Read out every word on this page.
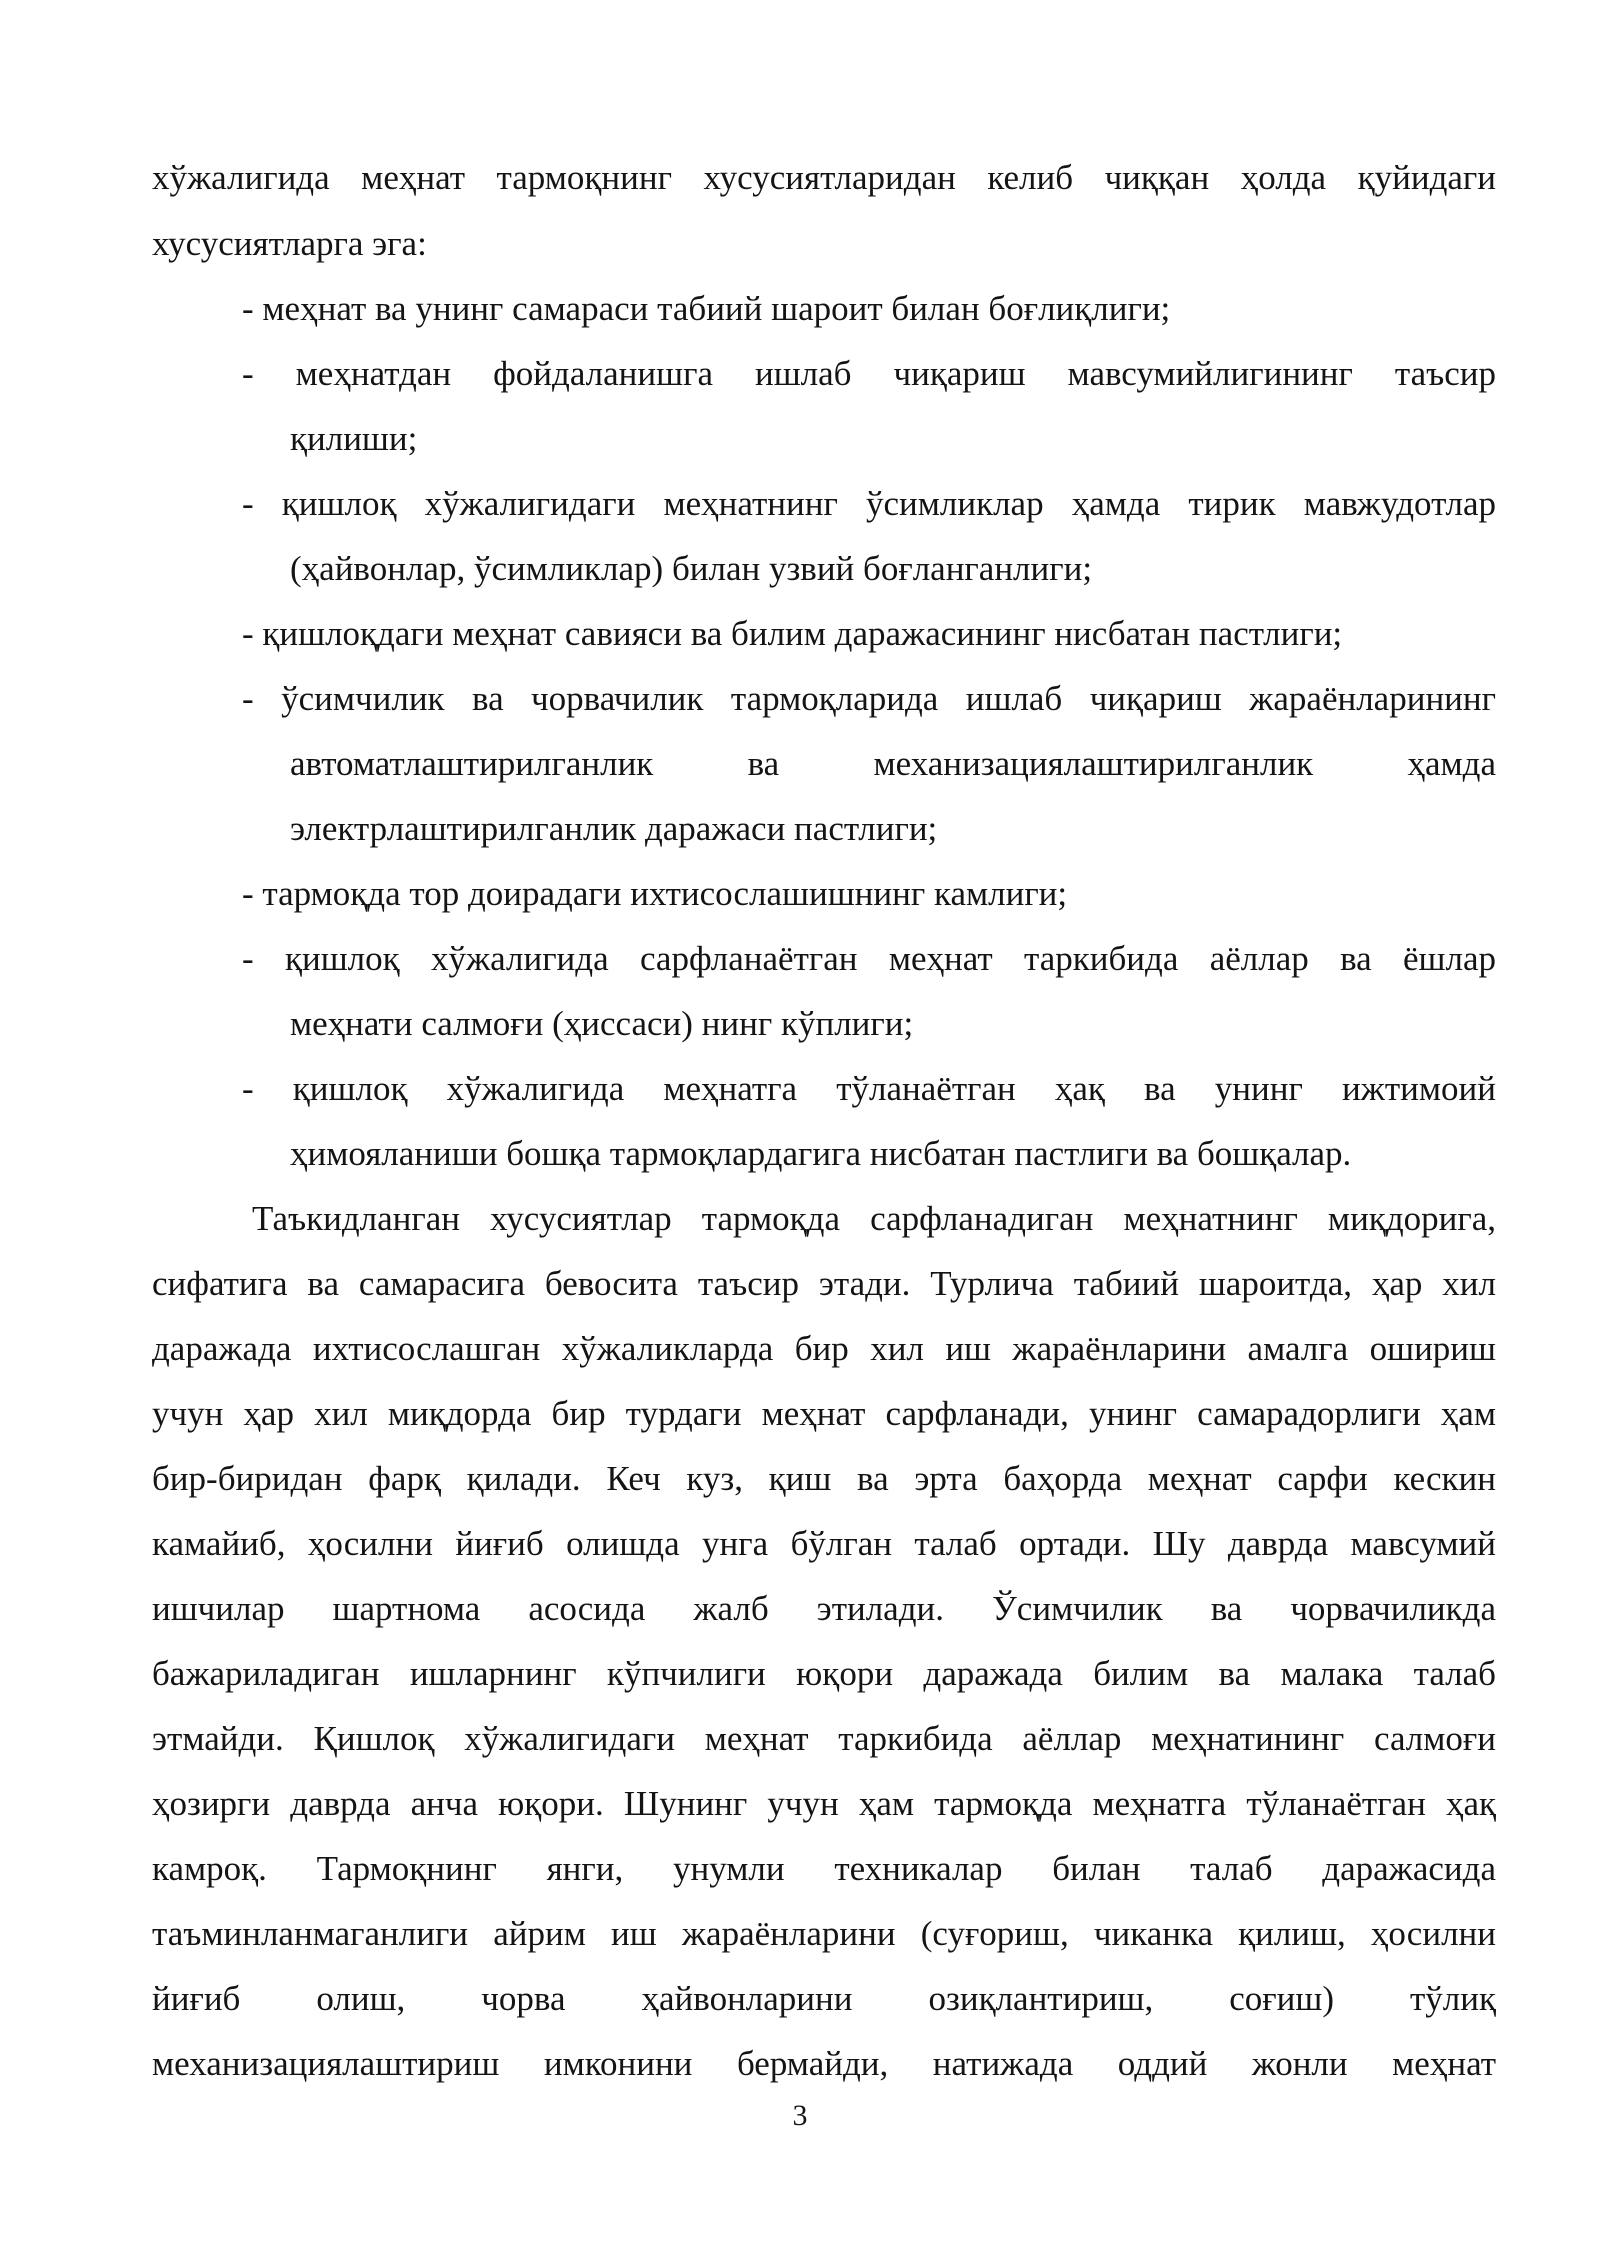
хўжалигида меҳнат тармоқнинг хусусиятларидан келиб чиққан ҳолда қуйидаги
хусусиятларга эга:
- меҳнат ва унинг самараси табиий шароит билан боғлиқлиги;
- меҳнатдан фойдаланишга ишлаб чиқариш мавсумийлигининг таъсир
қилиши;
- қишлоқ хўжалигидаги меҳнатнинг ўсимликлар ҳамда тирик мавжудотлар
(ҳайвонлар, ўсимликлар) билан узвий боғланганлиги;
- қишлоқдаги меҳнат савияси ва билим даражасининг нисбатан пастлиги;
- ўсимчилик ва чорвачилик тармоқларида ишлаб чиқариш жараёнларининг
автоматлаштирилганлик ва механизациялаштирилганлик ҳамда
электрлаштирилганлик даражаси пастлиги;
- тармоқда тор доирадаги ихтисослашишнинг камлиги;
- қишлоқ хўжалигида сарфланаётган меҳнат таркибида аёллар ва ёшлар
меҳнати салмоғи (ҳиссаси) нинг кўплиги;
- қишлоқ хўжалигида меҳнатга тўланаётган ҳақ ва унинг ижтимоий
ҳимояланиши бошқа тармоқлардагига нисбатан пастлиги ва бошқалар.
Таъкидланган хусусиятлар тармоқда сарфланадиган меҳнатнинг миқдорига,
сифатига ва самарасига бевосита таъсир этади. Турлича табиий шароитда, ҳар хил
даражада ихтисослашган хўжаликларда бир хил иш жараёнларини амалга ошириш
учун ҳар хил миқдорда бир турдаги меҳнат сарфланади, унинг самарадорлиги ҳам
бир-биридан фарқ қилади. Кеч куз, қиш ва эрта баҳорда меҳнат сарфи кескин
камайиб, ҳосилни йиғиб олишда унга бўлган талаб ортади. Шу даврда мавсумий
ишчилар шартнома асосида жалб этилади. Ўсимчилик ва чорвачиликда
бажариладиган ишларнинг кўпчилиги юқори даражада билим ва малака талаб
этмайди. Қишлоқ хўжалигидаги меҳнат таркибида аёллар меҳнатининг салмоғи
ҳозирги даврда анча юқори. Шунинг учун ҳам тармоқда меҳнатга тўланаётган ҳақ
камроқ. Тармоқнинг янги, унумли техникалар билан талаб даражасида
таъминланмаганлиги айрим иш жараёнларини (суғориш, чиканка қилиш, ҳосилни
йиғиб олиш, чорва ҳайвонларини озиқлантириш, соғиш) тўлиқ
механизациялаштириш имконини бермайди, натижада оддий жонли меҳнат
3
